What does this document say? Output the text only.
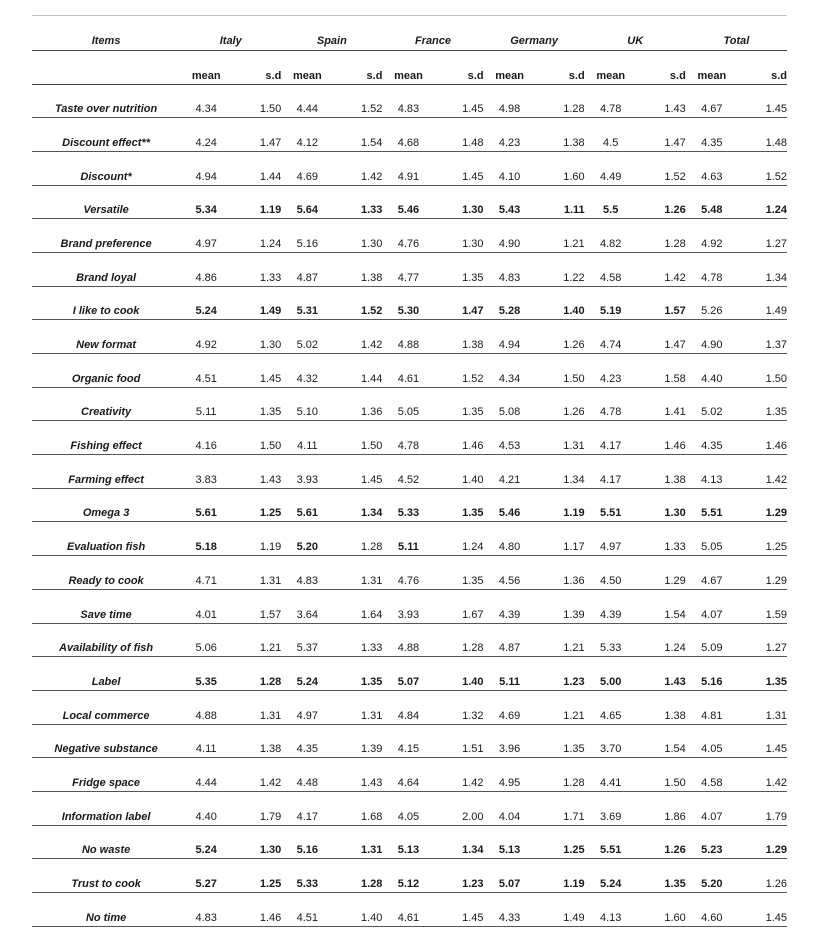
Items	Italy		Spain		France		Germany		UK		Total	
	mean	s.d	mean	s.d	mean	s.d	mean	s.d	mean	s.d	mean	s.d
Taste over nutrition	4.34	1.50	4.44	1.52	4.83	1.45	4.98	1.28	4.78	1.43	4.67	1.45
Discount effect**	4.24	1.47	4.12	1.54	4.68	1.48	4.23	1.38	4.5	1.47	4.35	1.48
Discount*	4.94	1.44	4.69	1.42	4.91	1.45	4.10	1.60	4.49	1.52	4.63	1.52
Versatile	5.34	1.19	5.64	1.33	5.46	1.30	5.43	1.11	5.5	1.26	5.48	1.24
Brand preference	4.97	1.24	5.16	1.30	4.76	1.30	4.90	1.21	4.82	1.28	4.92	1.27
Brand loyal	4.86	1.33	4.87	1.38	4.77	1.35	4.83	1.22	4.58	1.42	4.78	1.34
I like to cook	5.24	1.49	5.31	1.52	5.30	1.47	5.28	1.40	5.19	1.57	5.26	1.49
New format	4.92	1.30	5.02	1.42	4.88	1.38	4.94	1.26	4.74	1.47	4.90	1.37
Organic food	4.51	1.45	4.32	1.44	4.61	1.52	4.34	1.50	4.23	1.58	4.40	1.50
Creativity	5.11	1.35	5.10	1.36	5.05	1.35	5.08	1.26	4.78	1.41	5.02	1.35
Fishing effect	4.16	1.50	4.11	1.50	4.78	1.46	4.53	1.31	4.17	1.46	4.35	1.46
Farming effect	3.83	1.43	3.93	1.45	4.52	1.40	4.21	1.34	4.17	1.38	4.13	1.42
Omega 3	5.61	1.25	5.61	1.34	5.33	1.35	5.46	1.19	5.51	1.30	5.51	1.29
Evaluation fish	5.18	1.19	5.20	1.28	5.11	1.24	4.80	1.17	4.97	1.33	5.05	1.25
Ready to cook	4.71	1.31	4.83	1.31	4.76	1.35	4.56	1.36	4.50	1.29	4.67	1.29
Save time	4.01	1.57	3.64	1.64	3.93	1.67	4.39	1.39	4.39	1.54	4.07	1.59
Availability of fish	5.06	1.21	5.37	1.33	4.88	1.28	4.87	1.21	5.33	1.24	5.09	1.27
Label	5.35	1.28	5.24	1.35	5.07	1.40	5.11	1.23	5.00	1.43	5.16	1.35
Local commerce	4.88	1.31	4.97	1.31	4.84	1.32	4.69	1.21	4.65	1.38	4.81	1.31
Negative substance	4.11	1.38	4.35	1.39	4.15	1.51	3.96	1.35	3.70	1.54	4.05	1.45
Fridge space	4.44	1.42	4.48	1.43	4.64	1.42	4.95	1.28	4.41	1.50	4.58	1.42
Information label	4.40	1.79	4.17	1.68	4.05	2.00	4.04	1.71	3.69	1.86	4.07	1.79
No waste	5.24	1.30	5.16	1.31	5.13	1.34	5.13	1.25	5.51	1.26	5.23	1.29
Trust to cook	5.27	1.25	5.33	1.28	5.12	1.23	5.07	1.19	5.24	1.35	5.20	1.26
No time	4.83	1.46	4.51	1.40	4.61	1.45	4.33	1.49	4.13	1.60	4.60	1.45
